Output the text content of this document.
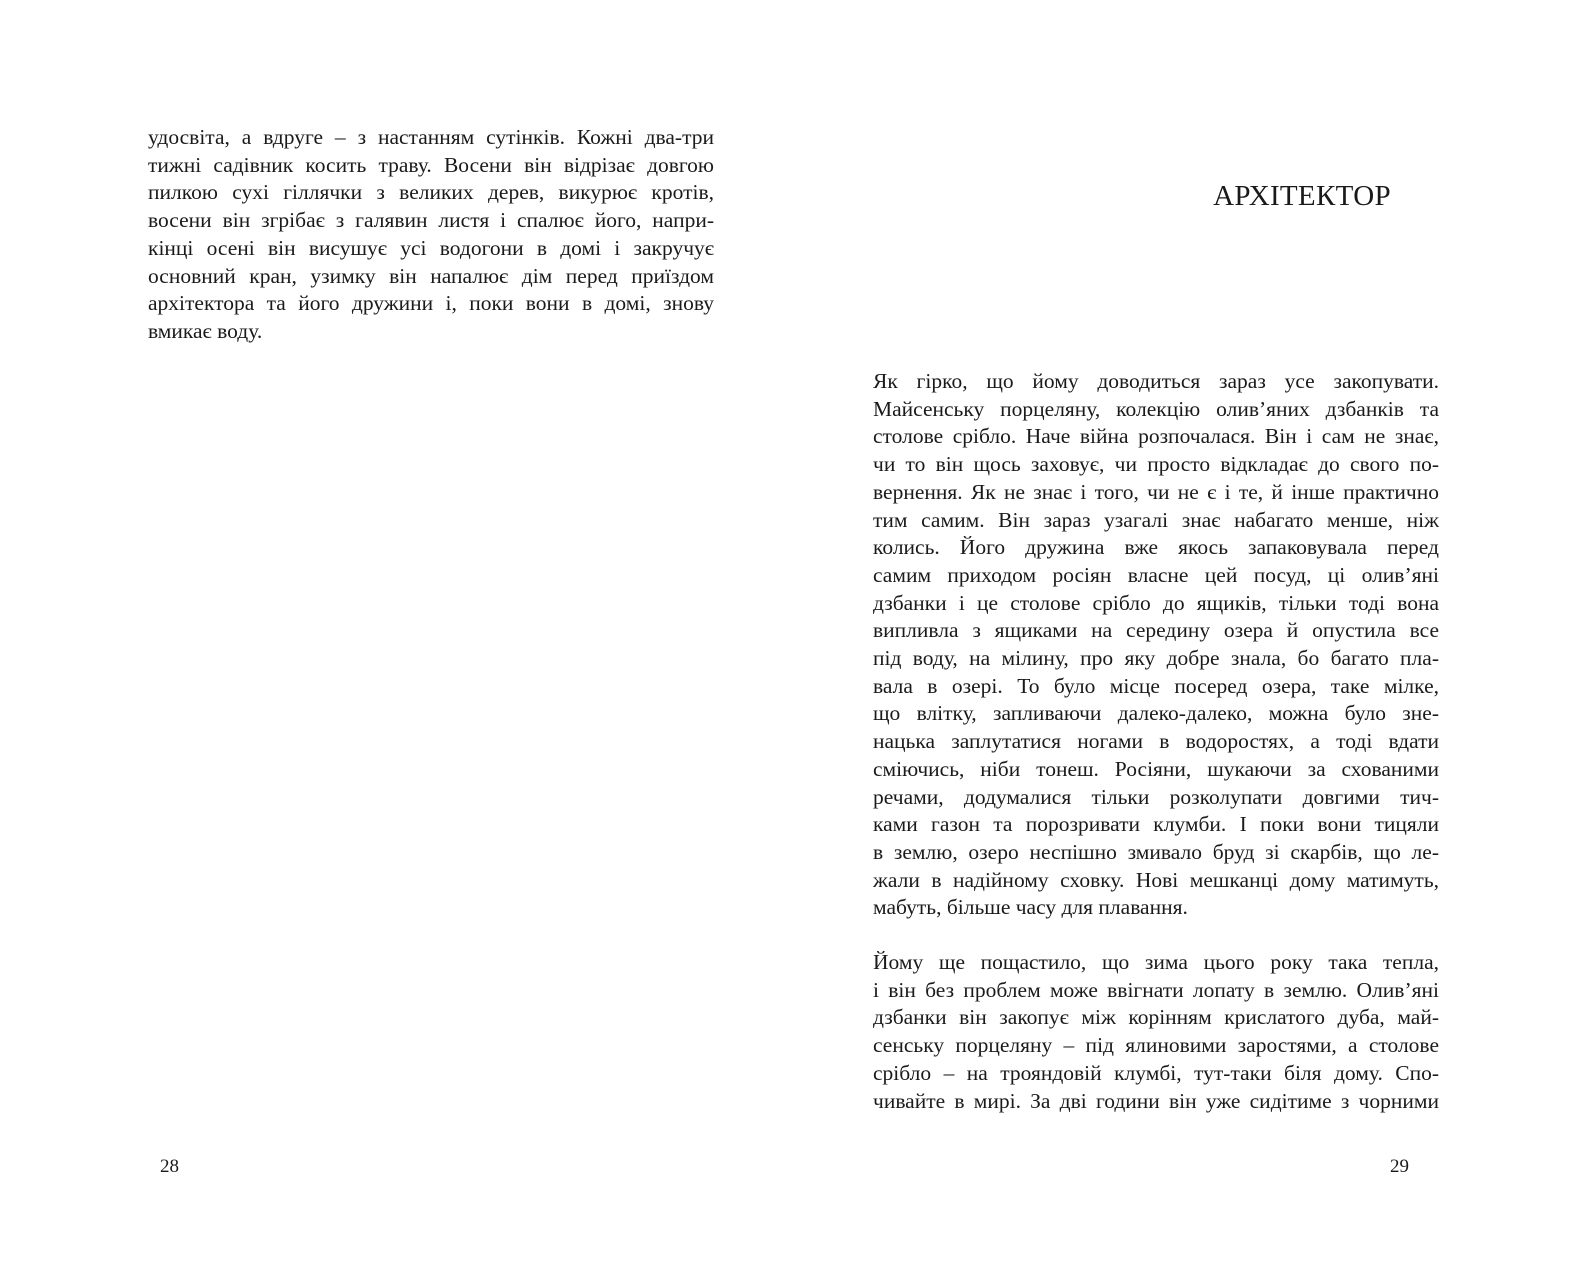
удосвіта, а вдруге – з настанням сутінків. Кожні два-три
тижні садівник косить траву. Восени він відрізає довгою
пилкою сухі гіллячки з великих дерев, викурює кротів,
восени він згрібає з галявин листя і спалює його, напри-
кінці осені він висушує усі водогони в домі і закручує
основний кран, узимку він напалює дім перед приїздом
архітектора та його дружини і, поки вони в домі, знову
вмикає воду.
28
АРХІТЕКТОР
Як гірко, що йому доводиться зараз усе закопувати.
Майсенську порцеляну, колекцію олив’яних дзбанків та
столове срібло. Наче війна розпочалася. Він і сам не знає,
чи то він щось заховує, чи просто відкладає до свого по-
вернення. Як не знає і того, чи не є і те, й інше практично
тим самим. Він зараз узагалі знає набагато менше, ніж
колись. Його дружина вже якось запаковувала перед
самим приходом росіян власне цей посуд, ці олив’яні
дзбанки і це столове срібло до ящиків, тільки тоді вона
випливла з ящиками на середину озера й опустила все
під воду, на мілину, про яку добре знала, бо багато пла-
вала в озері. То було місце посеред озера, таке мілке,
що влітку, запливаючи далеко-далеко, можна було зне-
нацька заплутатися ногами в водоростях, а тоді вдати
сміючись, ніби тонеш. Росіяни, шукаючи за схованими
речами, додумалися тільки розколупати довгими тич-
ками газон та порозривати клумби. І поки вони тицяли
в землю, озеро неспішно змивало бруд зі скарбів, що ле-
жали в надійному сховку. Нові мешканці дому матимуть,
мабуть, більше часу для плавання.
Йому ще пощастило, що зима цього року така тепла,
і він без проблем може ввігнати лопату в землю. Олив’яні
дзбанки він закопує між корінням крислатого дуба, май-
сенську порцеляну – під ялиновими заростями, а столове
срібло – на трояндовій клумбі, тут-таки біля дому. Спо-
чивайте в мирі. За дві години він уже сидітиме з чорними
29
